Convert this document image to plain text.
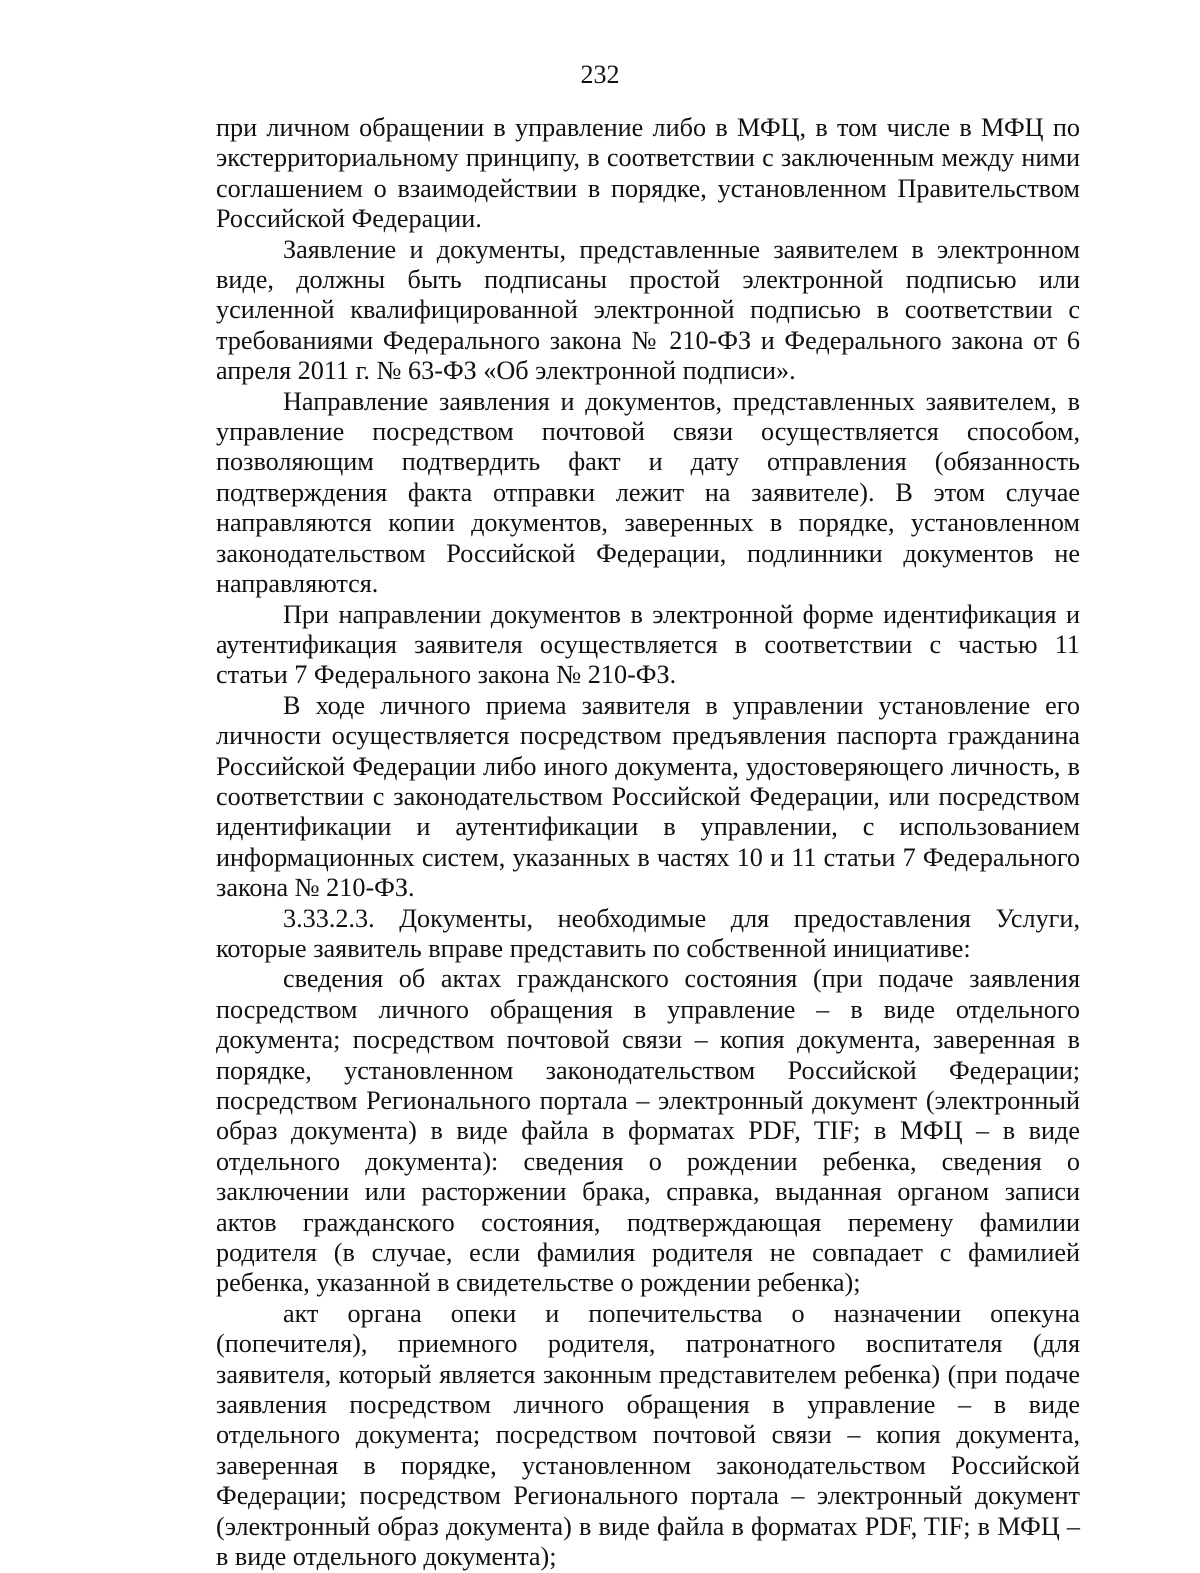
232

при личном обращении в управление либо в МФЦ, в том числе в МФЦ по экстерриториальному принципу, в соответствии с заключенным между ними соглашением о взаимодействии в порядке, установленном Правительством Российской Федерации.

Заявление и документы, представленные заявителем в электронном виде, должны быть подписаны простой электронной подписью или усиленной квалифицированной электронной подписью в соответствии с требованиями Федерального закона № 210-ФЗ и Федерального закона от 6 апреля 2011 г. № 63-ФЗ «Об электронной подписи».

Направление заявления и документов, представленных заявителем, в управление посредством почтовой связи осуществляется способом, позволяющим подтвердить факт и дату отправления (обязанность подтверждения факта отправки лежит на заявителе). В этом случае направляются копии документов, заверенных в порядке, установленном законодательством Российской Федерации, подлинники документов не направляются.

При направлении документов в электронной форме идентификация и аутентификация заявителя осуществляется в соответствии с частью 11 статьи 7 Федерального закона № 210-ФЗ.

В ходе личного приема заявителя в управлении установление его личности осуществляется посредством предъявления паспорта гражданина Российской Федерации либо иного документа, удостоверяющего личность, в соответствии с законодательством Российской Федерации, или посредством идентификации и аутентификации в управлении, с использованием информационных систем, указанных в частях 10 и 11 статьи 7 Федерального закона № 210-ФЗ.

3.33.2.3. Документы, необходимые для предоставления Услуги, которые заявитель вправе представить по собственной инициативе:

сведения об актах гражданского состояния (при подаче заявления посредством личного обращения в управление – в виде отдельного документа; посредством почтовой связи – копия документа, заверенная в порядке, установленном законодательством Российской Федерации; посредством Регионального портала – электронный документ (электронный образ документа) в виде файла в форматах PDF, TIF; в МФЦ – в виде отдельного документа): сведения о рождении ребенка, сведения о заключении или расторжении брака, справка, выданная органом записи актов гражданского состояния, подтверждающая перемену фамилии родителя (в случае, если фамилия родителя не совпадает с фамилией ребенка, указанной в свидетельстве о рождении ребенка);

акт органа опеки и попечительства о назначении опекуна (попечителя), приемного родителя, патронатного воспитателя (для заявителя, который является законным представителем ребенка) (при подаче заявления посредством личного обращения в управление – в виде отдельного документа; посредством почтовой связи – копия документа, заверенная в порядке, установленном законодательством Российской Федерации; посредством Регионального портала – электронный документ (электронный образ документа) в виде файла в форматах PDF, TIF; в МФЦ – в виде отдельного документа);
